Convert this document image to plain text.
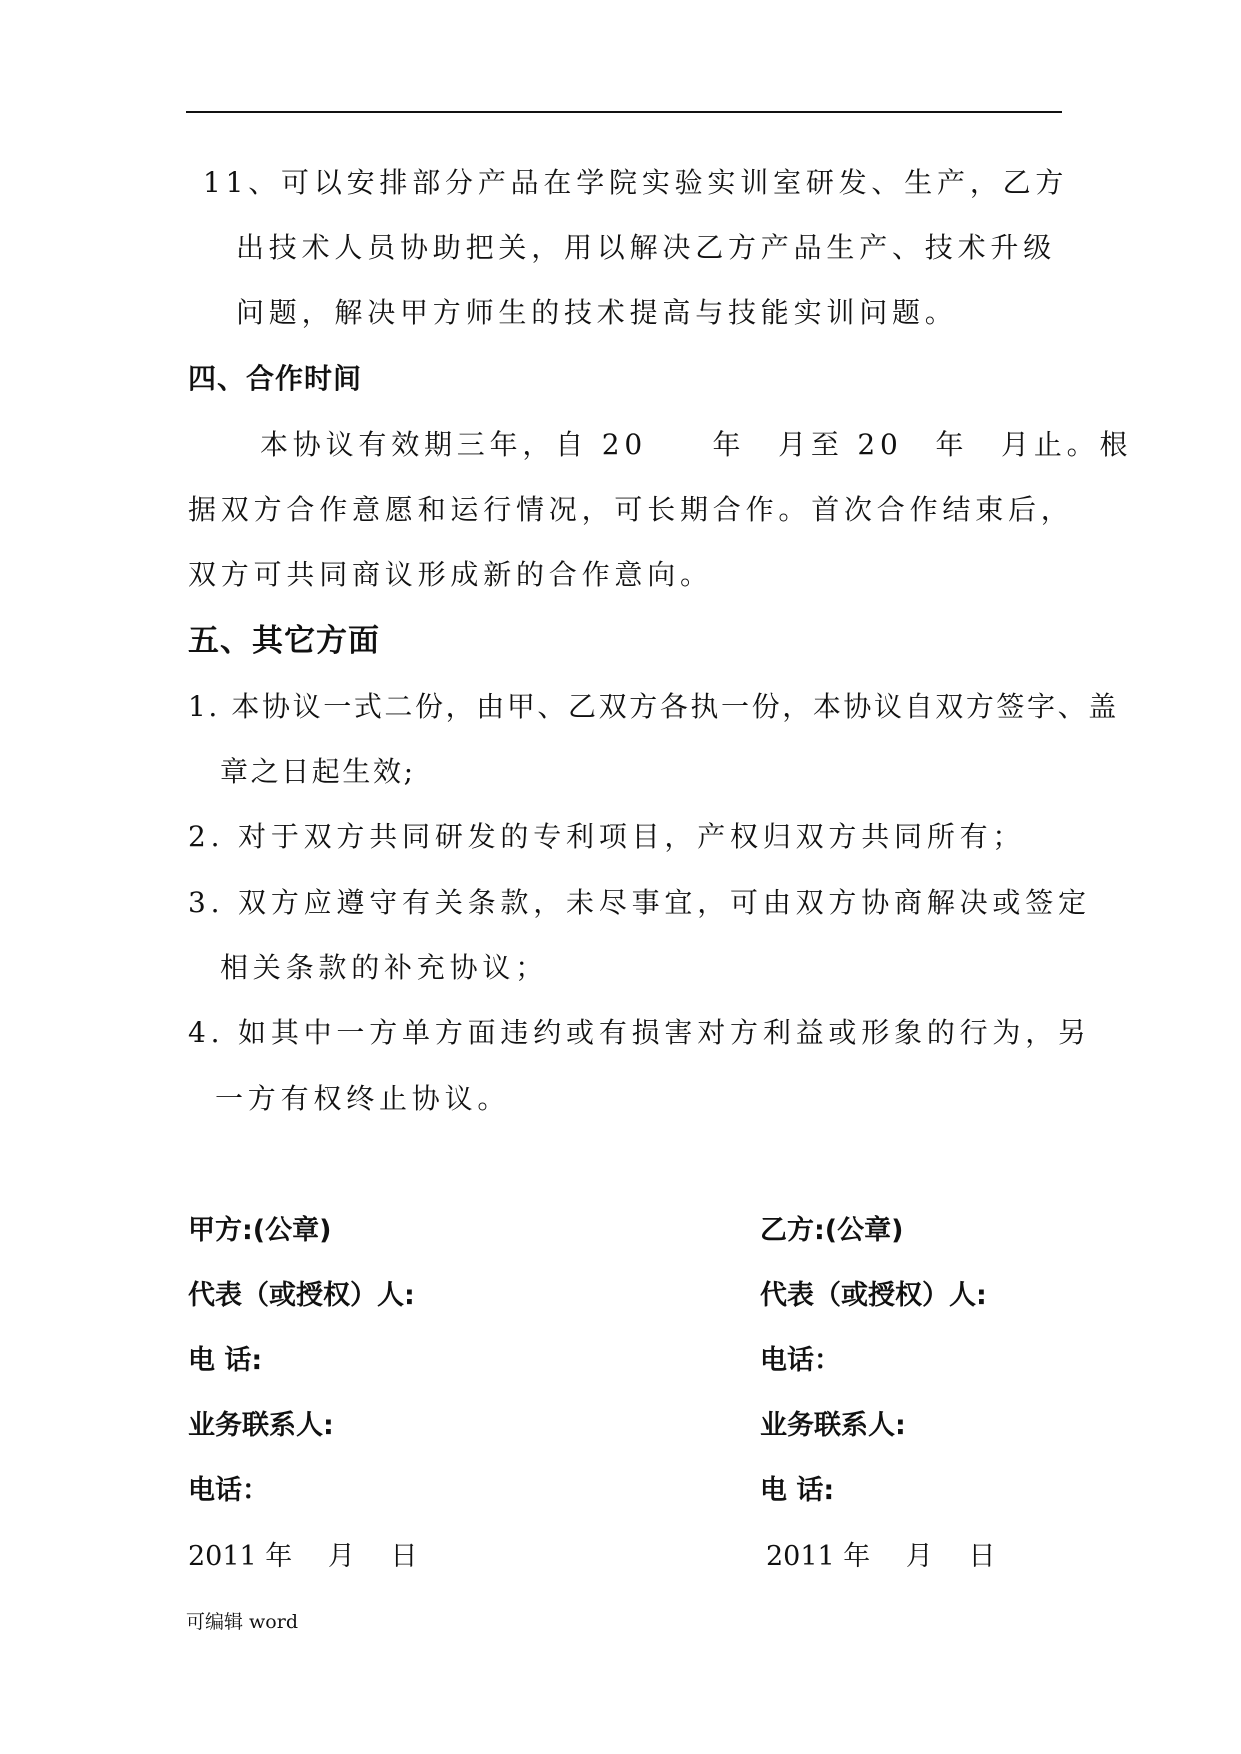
11、可以安排部分产品在学院实验实训室研发、生产，乙方
出技术人员协助把关，用以解决乙方产品生产、技术升级
问题，解决甲方师生的技术提高与技能实训问题。
四、合作时间
本协议有效期三年，自 20　　年　月至 20　年　月止。根
据双方合作意愿和运行情况，可长期合作。首次合作结束后，
双方可共同商议形成新的合作意向。
五、其它方面
1. 本协议一式二份，由甲、乙双方各执一份，本协议自双方签字、盖
章之日起生效;
2. 对于双方共同研发的专利项目，产权归双方共同所有；
3. 双方应遵守有关条款，未尽事宜，可由双方协商解决或签定
相关条款的补充协议；
4. 如其中一方单方面违约或有损害对方利益或形象的行为，另
一方有权终止协议。
甲方:(公章)
代表（或授权）人:
电 话:
业务联系人:
电话：
2011 年　 月　 日
乙方:(公章)
代表（或授权）人:
电话：
业务联系人:
电 话:
2011 年　 月　 日
可编辑 word
